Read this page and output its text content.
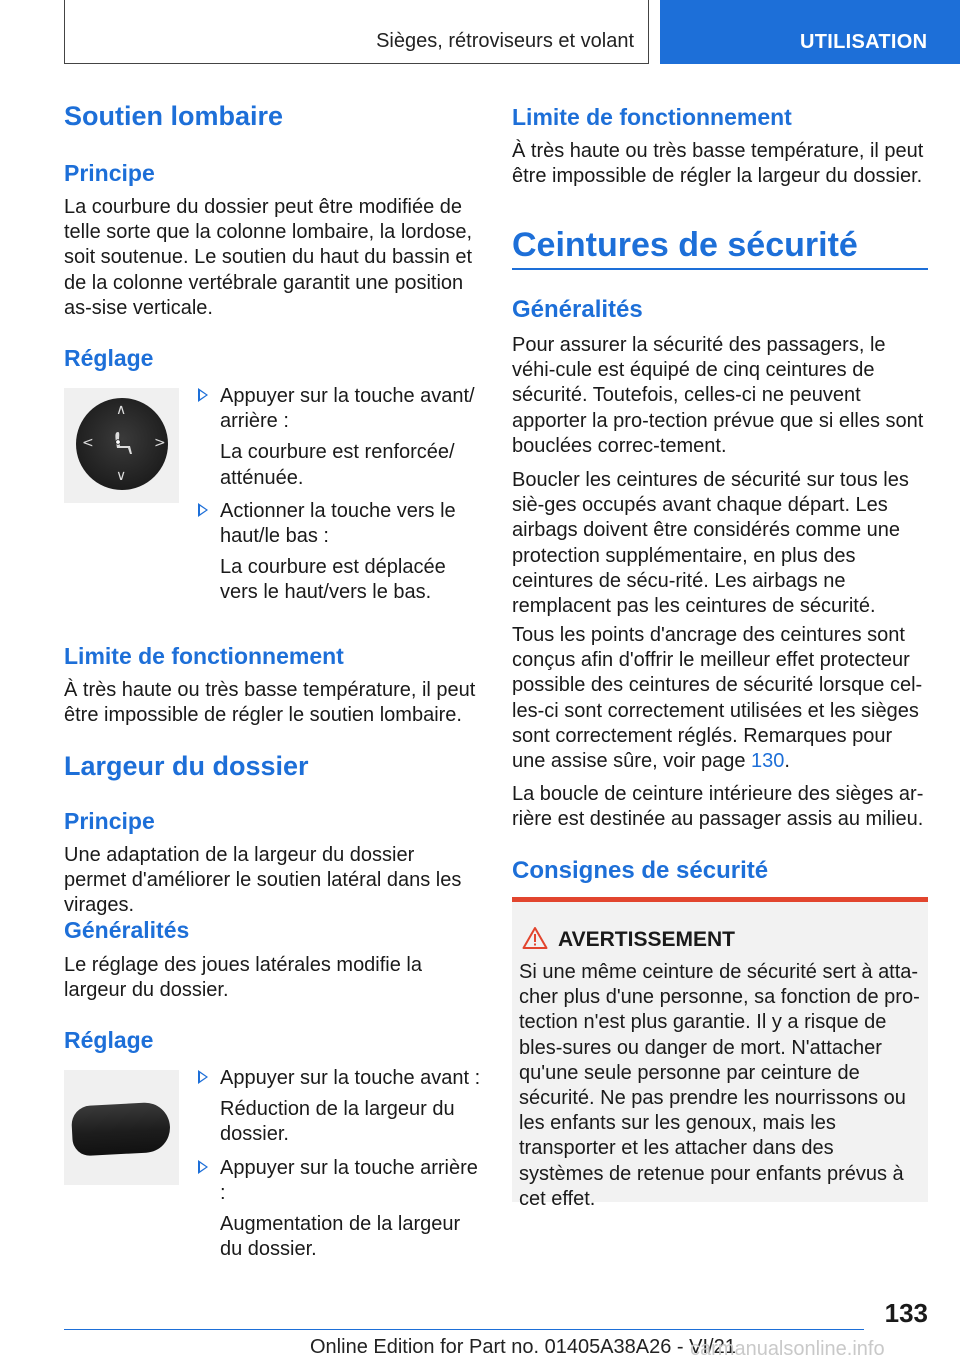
Sièges, rétroviseurs et volant	UTILISATION
Soutien lombaire
Principe
La courbure du dossier peut être modifiée de telle sorte que la colonne lombaire, la lordose, soit soutenue. Le soutien du haut du bassin et de la colonne vertébrale garantit une position as-sise verticale.
Réglage
∧
∨
<	>
Appuyer sur la touche avant/ arrière :
La courbure est renforcée/ atténuée.
Actionner la touche vers le haut/le bas :
La courbure est déplacée vers le haut/vers le bas.
Limite de fonctionnement
À très haute ou très basse température, il peut être impossible de régler le soutien lombaire.
Largeur du dossier
Principe
Une adaptation de la largeur du dossier permet d'améliorer le soutien latéral dans les virages.
Généralités
Le réglage des joues latérales modifie la largeur du dossier.
Réglage
Appuyer sur la touche avant :
Réduction de la largeur du dossier.
Appuyer sur la touche arrière :
Augmentation de la largeur du dossier.
Limite de fonctionnement
À très haute ou très basse température, il peut être impossible de régler la largeur du dossier.
Ceintures de sécurité
Généralités
Pour assurer la sécurité des passagers, le véhi-cule est équipé de cinq ceintures de sécurité. Toutefois, celles-ci ne peuvent apporter la pro-tection prévue que si elles sont bouclées correc-tement.
Boucler les ceintures de sécurité sur tous les siè-ges occupés avant chaque départ. Les airbags doivent être considérés comme une protection supplémentaire, en plus des ceintures de sécu-rité. Les airbags ne remplacent pas les ceintures de sécurité.
Tous les points d'ancrage des ceintures sont conçus afin d'offrir le meilleur effet protecteur possible des ceintures de sécurité lorsque cel-les-ci sont correctement utilisées et les sièges sont correctement réglés. Remarques pour une assise sûre, voir page 130.
La boucle de ceinture intérieure des sièges ar-rière est destinée au passager assis au milieu.
Consignes de sécurité
AVERTISSEMENT
Si une même ceinture de sécurité sert à atta-cher plus d'une personne, sa fonction de pro-tection n'est plus garantie. Il y a risque de bles-sures ou danger de mort. N'attacher qu'une seule personne par ceinture de sécurité. Ne pas prendre les nourrissons ou les enfants sur les genoux, mais les transporter et les attacher dans des systèmes de retenue pour enfants prévus à cet effet.
133
Online Edition for Part no. 01405A38A26 - VI/21
carmanualsonline.info
